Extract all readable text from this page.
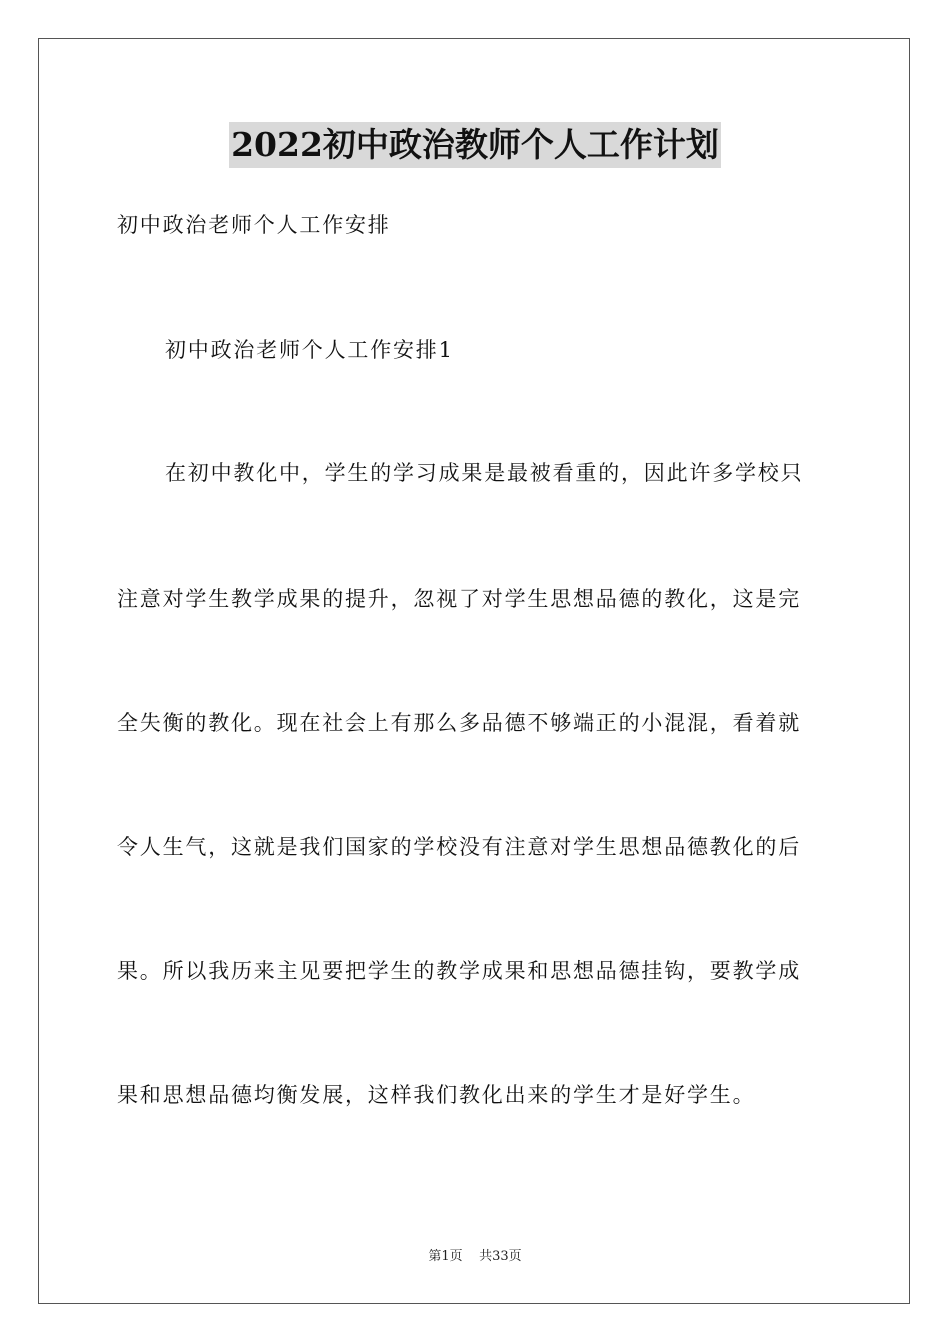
2022初中政治教师个人工作计划
初中政治老师个人工作安排
初中政治老师个人工作安排1
在初中教化中，学生的学习成果是最被看重的，因此许多学校只
注意对学生教学成果的提升，忽视了对学生思想品德的教化，这是完
全失衡的教化。现在社会上有那么多品德不够端正的小混混，看着就
令人生气，这就是我们国家的学校没有注意对学生思想品德教化的后
果。所以我历来主见要把学生的教学成果和思想品德挂钩，要教学成
果和思想品德均衡发展，这样我们教化出来的学生才是好学生。
第1页    共33页
